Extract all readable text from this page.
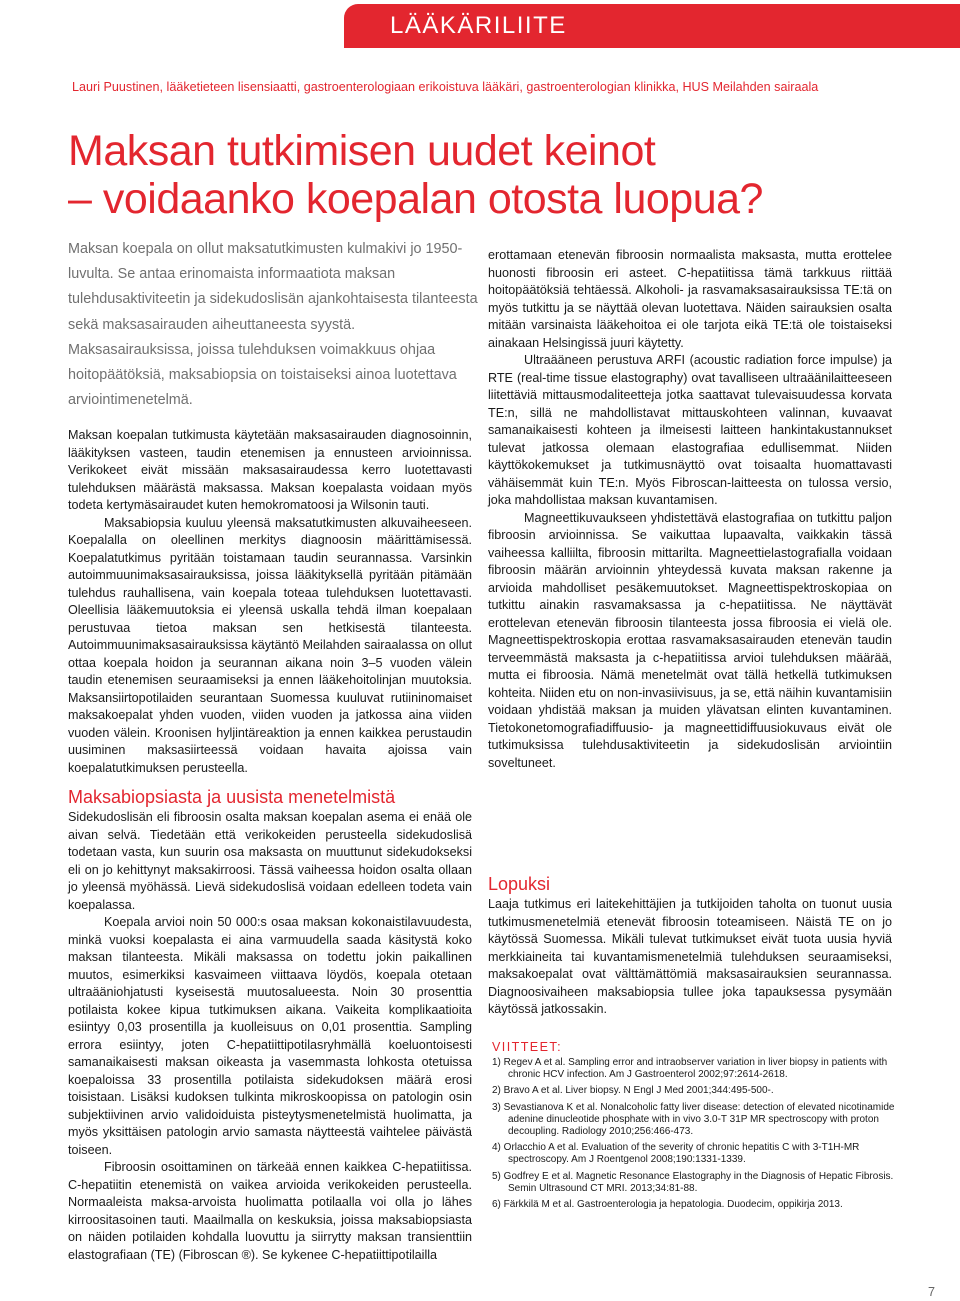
LÄÄKÄRILIITE
Lauri Puustinen, lääketieteen lisensiaatti, gastroenterologiaan erikoistuva lääkäri, gastroenterologian klinikka, HUS Meilahden sairaala
Maksan tutkimisen uudet keinot
– voidaanko koepalan otosta luopua?

Maksan koepala on ollut maksatutkimusten kulmakivi jo 1950-luvulta. Se antaa erinomaista informaatiota maksan tulehdusaktiviteetin ja sidekudoslisän ajankohtaisesta tilanteesta sekä maksasairauden aiheuttaneesta syystä. Maksasairauksissa, joissa tulehduksen voimakkuus ohjaa hoitopäätöksiä, maksabiopsia on toistaiseksi ainoa luotettava arviointimenetelmä.

Maksan koepalan tutkimusta käytetään maksasairauden diagnosoinnin, lääkityksen vasteen, taudin etenemisen ja ennusteen arvioinnissa. Verikokeet eivät missään maksasairaudessa kerro luotettavasti tulehduksen määrästä maksassa. Maksan koepalasta voidaan myös todeta kertymäsairaudet kuten hemokromatoosi ja Wilsonin tauti.

Maksabiopsia kuuluu yleensä maksatutkimusten alkuvaiheeseen. Koepalalla on oleellinen merkitys diagnoosin määrittämisessä. Koepalatutkimus pyritään toistamaan taudin seurannassa. Varsinkin autoimmuunimaksasairauksissa, joissa lääkityksellä pyritään pitämään tulehdus rauhallisena, vain koepala toteaa tulehduksen luotettavasti. Oleellisia lääkemuutoksia ei yleensä uskalla tehdä ilman koepalaan perustuvaa tietoa maksan sen hetkisestä tilanteesta. Autoimmuunimaksasairauksissa käytäntö Meilahden sairaalassa on ollut ottaa koepala hoidon ja seurannan aikana noin 3–5 vuoden välein taudin etenemisen seuraamiseksi ja ennen lääkehoitolinjan muutoksia. Maksansiirtopotilaiden seurantaan Suomessa kuuluvat rutiininomaiset maksakoepalat yhden vuoden, viiden vuoden ja jatkossa aina viiden vuoden välein. Kroonisen hyljintäreaktion ja ennen kaikkea perustaudin uusiminen maksasiirteessä voidaan havaita ajoissa vain koepalatutkimuksen perusteella.

Maksabiopsiasta ja uusista menetelmistä

Sidekudoslisän eli fibroosin osalta maksan koepalan asema ei enää ole aivan selvä. Tiedetään että verikokeiden perusteella sidekudoslisä todetaan vasta, kun suurin osa maksasta on muuttunut sidekudokseksi eli on jo kehittynyt maksakirroosi. Tässä vaiheessa hoidon osalta ollaan jo yleensä myöhässä. Lievä sidekudoslisä voidaan edelleen todeta vain koepalassa.

Koepala arvioi noin 50 000:s osaa maksan kokonaistilavuudesta, minkä vuoksi koepalasta ei aina varmuudella saada käsitystä koko maksan tilanteesta. Mikäli maksassa on todettu jokin paikallinen muutos, esimerkiksi kasvaimeen viittaava löydös, koepala otetaan ultraääniohjatusti kyseisestä muutosalueesta. Noin 30 prosenttia potilaista kokee kipua tutkimuksen aikana. Vaikeita komplikaatioita esiintyy 0,03 prosentilla ja kuolleisuus on 0,01 prosenttia. Sampling errora esiintyy, joten C-hepatiittipotilasryhmällä koeluontoisesti samanaikaisesti maksan oikeasta ja vasemmasta lohkosta otetuissa koepaloissa 33 prosentilla potilaista sidekudoksen määrä erosi toisistaan. Lisäksi kudoksen tulkinta mikroskoopissa on patologin osin subjektiivinen arvio validoiduista pisteytysmenetelmistä huolimatta, ja myös yksittäisen patologin arvio samasta näytteestä vaihtelee päivästä toiseen.

Fibroosin osoittaminen on tärkeää ennen kaikkea C-hepatiitissa. C-hepatiitin etenemistä on vaikea arvioida verikokeiden perusteella. Normaaleista maksa-arvoista huolimatta potilaalla voi olla jo lähes kirroositasoinen tauti. Maailmalla on keskuksia, joissa maksabiopsiasta on näiden potilaiden kohdalla luovuttu ja siirrytty maksan transienttiin elastografiaan (TE) (Fibroscan ®). Se kykenee C-hepatiittipotilailla

erottamaan etenevän fibroosin normaalista maksasta, mutta erottelee huonosti fibroosin eri asteet. C-hepatiitissa tämä tarkkuus riittää hoitopäätöksiä tehtäessä. Alkoholi- ja rasvamaksasairauksissa TE:tä on myös tutkittu ja se näyttää olevan luotettava. Näiden sairauksien osalta mitään varsinaista lääkehoitoa ei ole tarjota eikä TE:tä ole toistaiseksi ainakaan Helsingissä juuri käytetty.

Ultraääneen perustuva ARFI (acoustic radiation force impulse) ja RTE (real-time tissue elastography) ovat tavalliseen ultraäänilaitteeseen liitettäviä mittausmodaliteetteja jotka saattavat tulevaisuudessa korvata TE:n, sillä ne mahdollistavat mittauskohteen valinnan, kuvaavat samanaikaisesti kohteen ja ilmeisesti laitteen hankintakustannukset tulevat jatkossa olemaan elastografiaa edullisemmat. Niiden käyttökokemukset ja tutkimusnäyttö ovat toisaalta huomattavasti vähäisemmät kuin TE:n. Myös Fibroscan-laitteesta on tulossa versio, joka mahdollistaa maksan kuvantamisen.

Magneettikuvaukseen yhdistettävä elastografiaa on tutkittu paljon fibroosin arvioinnissa. Se vaikuttaa lupaavalta, vaikkakin tässä vaiheessa kalliilta, fibroosin mittarilta. Magneettielastografialla voidaan fibroosin määrän arvioinnin yhteydessä kuvata maksan rakenne ja arvioida mahdolliset pesäkemuutokset. Magneettispektroskopiaa on tutkittu ainakin rasvamaksassa ja c-hepatiitissa. Ne näyttävät erottelevan etenevän fibroosin tilanteesta jossa fibroosia ei vielä ole. Magneettispektroskopia erottaa rasvamaksasairauden etenevän taudin terveemmästä maksasta ja c-hepatiitissa arvioi tulehduksen määrää, mutta ei fibroosia. Nämä menetelmät ovat tällä hetkellä tutkimuksen kohteita. Niiden etu on non-invasiivisuus, ja se, että näihin kuvantamisiin voidaan yhdistää maksan ja muiden ylävatsan elinten kuvantaminen. Tietokonetomografiadiffuusio- ja magneettidiffuusiokuvaus eivät ole tutkimuksissa tulehdusaktiviteetin ja sidekudoslisän arviointiin soveltuneet.

Lopuksi

Laaja tutkimus eri laitekehittäjien ja tutkijoiden taholta on tuonut uusia tutkimusmenetelmiä etenevät fibroosin toteamiseen. Näistä TE on jo käytössä Suomessa. Mikäli tulevat tutkimukset eivät tuota uusia hyviä merkkiaineita tai kuvantamismenetelmiä tulehduksen seuraamiseksi, maksakoepalat ovat välttämättömiä maksasairauksien seurannassa. Diagnoosivaiheen maksabiopsia tullee joka tapauksessa pysymään käytössä jatkossakin.

VIITTEET:
1) Regev A et al. Sampling error and intraobserver variation in liver biopsy in patients with chronic HCV infection. Am J Gastroenterol 2002;97:2614-2618.
2) Bravo A et al. Liver biopsy. N Engl J Med 2001;344:495-500-.
3) Sevastianova K et al. Nonalcoholic fatty liver disease: detection of elevated nicotinamide adenine dinucleotide phosphate with in vivo 3.0-T 31P MR spectroscopy with proton decoupling. Radiology 2010;256:466-473.
4) Orlacchio A et al. Evaluation of the severity of chronic hepatitis C with 3-T1H-MR spectroscopy. Am J Roentgenol 2008;190:1331-1339.
5) Godfrey E et al. Magnetic Resonance Elastography in the Diagnosis of Hepatic Fibrosis. Semin Ultrasound CT MRI. 2013;34:81-88.
6) Färkkilä M et al. Gastroenterologia ja hepatologia. Duodecim, oppikirja 2013.
7
